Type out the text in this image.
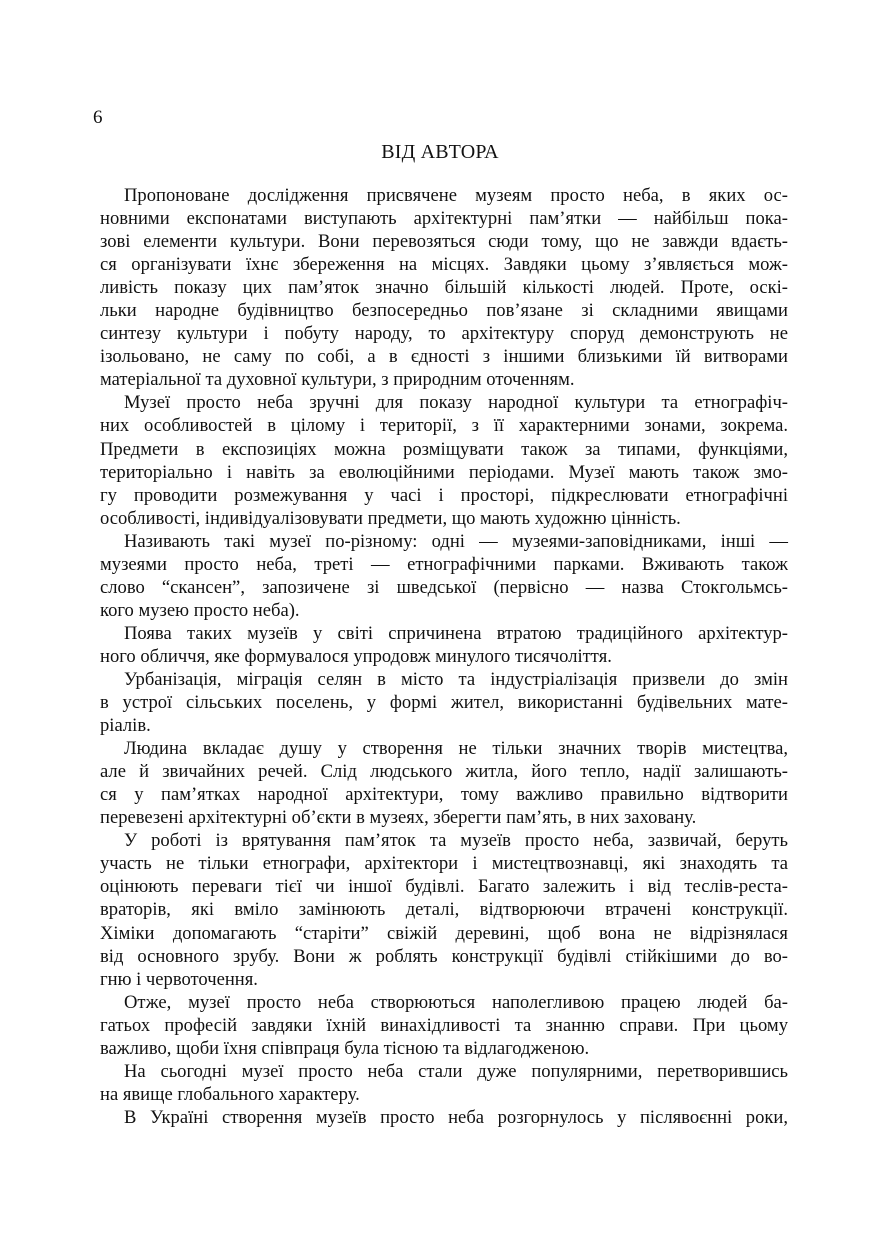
6
ВІД АВТОРА
Пропоноване дослідження присвячене музеям просто неба, в яких ос-
новними експонатами виступають архітектурні пам’ятки — найбільш пока-
зові елементи культури. Вони перевозяться сюди тому, що не завжди вдаєть-
ся організувати їхнє збереження на місцях. Завдяки цьому з’являється мож-
ливість показу цих пам’яток значно більшій кількості людей. Проте, оскі-
льки народне будівництво безпосередньо пов’язане зі складними явищами
синтезу культури і побуту народу, то архітектуру споруд демонструють не
ізольовано, не саму по собі, а в єдності з іншими близькими їй витворами
матеріальної та духовної культури, з природним оточенням.
Музеї просто неба зручні для показу народної культури та етнографіч-
них особливостей в цілому і території, з її характерними зонами, зокрема.
Предмети в експозиціях можна розміщувати також за типами, функціями,
територіально і навіть за еволюційними періодами. Музеї мають також змо-
гу проводити розмежування у часі і просторі, підкреслювати етнографічні
особливості, індивідуалізовувати предмети, що мають художню цінність.
Називають такі музеї по-різному: одні — музеями-заповідниками, інші —
музеями просто неба, треті — етнографічними парками. Вживають також
слово “скансен”, запозичене зі шведської (первісно — назва Стокгольмсь-
кого музею просто неба).
Поява таких музеїв у світі спричинена втратою традиційного архітектур-
ного обличчя, яке формувалося упродовж минулого тисячоліття.
Урбанізація, міграція селян в місто та індустріалізація призвели до змін
в устрої сільських поселень, у формі жител, використанні будівельних мате-
ріалів.
Людина вкладає душу у створення не тільки значних творів мистецтва,
але й звичайних речей. Слід людського житла, його тепло, надії залишають-
ся у пам’ятках народної архітектури, тому важливо правильно відтворити
перевезені архітектурні об’єкти в музеях, зберегти пам’ять, в них заховану.
У роботі із врятування пам’яток та музеїв просто неба, зазвичай, беруть
участь не тільки етнографи, архітектори і мистецтвознавці, які знаходять та
оцінюють переваги тієї чи іншої будівлі. Багато залежить і від теслів-реста-
враторів, які вміло замінюють деталі, відтворюючи втрачені конструкції.
Хіміки допомагають “старіти” свіжій деревині, щоб вона не відрізнялася
від основного зрубу. Вони ж роблять конструкції будівлі стійкішими до во-
гню і червоточення.
Отже, музеї просто неба створюються наполегливою працею людей ба-
гатьох професій завдяки їхній винахідливості та знанню справи. При цьому
важливо, щоби їхня співпраця була тісною та відлагодженою.
На сьогодні музеї просто неба стали дуже популярними, перетворившись
на явище глобального характеру.
В Україні створення музеїв просто неба розгорнулось у післявоєнні роки,
